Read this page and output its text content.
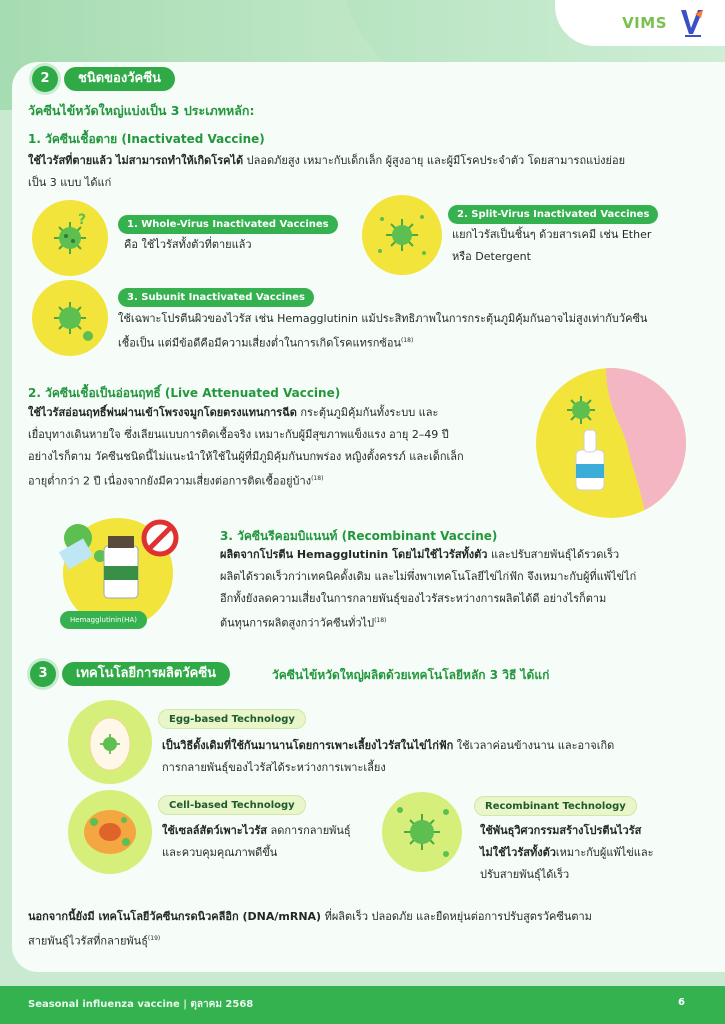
VIMS
2	ชนิดของวัคซีน
วัคซีนไข้หวัดใหญ่แบ่งเป็น 3 ประเภทหลัก:
1. วัคซีนเชื้อตาย (Inactivated Vaccine)
ใช้ไวรัสที่ตายแล้ว ไม่สามารถทำให้เกิดโรคได้ ปลอดภัยสูง เหมาะกับเด็กเล็ก ผู้สูงอายุ และผู้มีโรคประจำตัว โดยสามารถแบ่งย่อย
เป็น 3 แบบ ได้แก่
?	1. Whole-Virus Inactivated Vaccines
คือ ใช้ไวรัสทั้งตัวที่ตายแล้ว
2. Split-Virus Inactivated Vaccines
แยกไวรัสเป็นชิ้นๆ ด้วยสารเคมี เช่น Ether
หรือ Detergent
3. Subunit Inactivated Vaccines
ใช้เฉพาะโปรตีนผิวของไวรัส เช่น Hemagglutinin แม้ประสิทธิภาพในการกระตุ้นภูมิคุ้มกันอาจไม่สูงเท่ากับวัคซีน
เชื้อเป็น แต่มีข้อดีคือมีความเสี่ยงต่ำในการเกิดโรคแทรกซ้อน$^{(18)}$
2. วัคซีนเชื้อเป็นอ่อนฤทธิ์ (Live Attenuated Vaccine)
ใช้ไวรัสอ่อนฤทธิ์พ่นผ่านเข้าโพรงจมูกโดยตรงแทนการฉีด กระตุ้นภูมิคุ้มกันทั้งระบบ และ
เยื่อบุทางเดินหายใจ ซึ่งเลียนแบบการติดเชื้อจริง เหมาะกับผู้มีสุขภาพแข็งแรง อายุ 2–49 ปี
อย่างไรก็ตาม วัคซีนชนิดนี้ไม่แนะนำให้ใช้ในผู้ที่มีภูมิคุ้มกันบกพร่อง หญิงตั้งครรภ์ และเด็กเล็ก
อายุต่ำกว่า 2 ปี เนื่องจากยังมีความเสี่ยงต่อการติดเชื้ออยู่บ้าง$^{(18)}$
Hemagglutinin(HA)
3. วัคซีนรีคอมบิแนนท์ (Recombinant Vaccine)
ผลิตจากโปรตีน Hemagglutinin โดยไม่ใช้ไวรัสทั้งตัว และปรับสายพันธุ์ได้รวดเร็ว
ผลิตได้รวดเร็วกว่าเทคนิคดั้งเดิม และไม่พึ่งพาเทคโนโลยีไข่ไก่ฟัก จึงเหมาะกับผู้ที่แพ้ไข่ไก่
อีกทั้งยังลดความเสี่ยงในการกลายพันธุ์ของไวรัสระหว่างการผลิตได้ดี อย่างไรก็ตาม
ต้นทุนการผลิตสูงกว่าวัคซีนทั่วไป$^{(18)}$
3	เทคโนโลยีการผลิตวัคซีน	วัคซีนไข้หวัดใหญ่ผลิตด้วยเทคโนโลยีหลัก 3 วิธี ได้แก่
Egg-based Technology
เป็นวิธีดั้งเดิมที่ใช้กันมานานโดยการเพาะเลี้ยงไวรัสในไข่ไก่ฟัก ใช้เวลาค่อนข้างนาน และอาจเกิด
การกลายพันธุ์ของไวรัสได้ระหว่างการเพาะเลี้ยง
Cell-based Technology
ใช้เซลล์สัตว์เพาะไวรัส ลดการกลายพันธุ์
และควบคุมคุณภาพดีขึ้น
Recombinant Technology
ใช้พันธุวิศวกรรมสร้างโปรตีนไวรัส
ไม่ใช้ไวรัสทั้งตัวเหมาะกับผู้แพ้ไข่และ
ปรับสายพันธุ์ได้เร็ว
นอกจากนี้ยังมี เทคโนโลยีวัคซีนกรดนิวคลีอิก (DNA/mRNA) ที่ผลิตเร็ว ปลอดภัย และยืดหยุ่นต่อการปรับสูตรวัคซีนตาม
สายพันธุ์ไวรัสที่กลายพันธุ์$^{(19)}$
Seasonal influenza vaccine | ตุลาคม 2568	6
